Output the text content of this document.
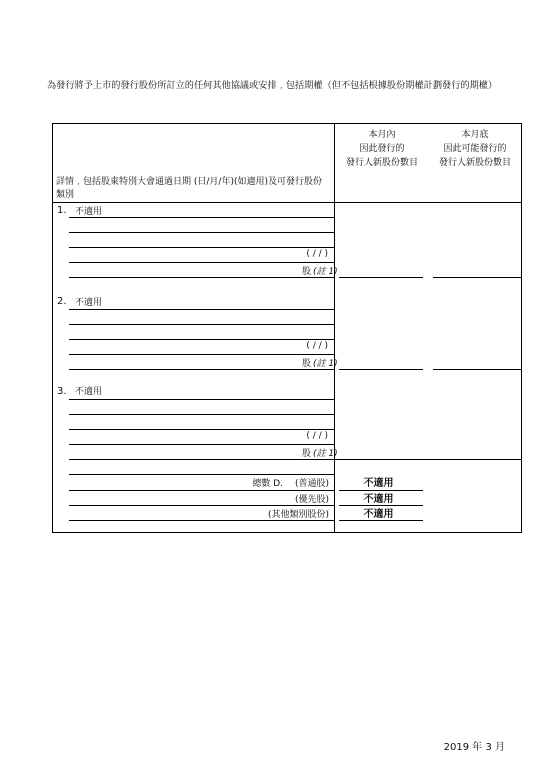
為發行將予上市的發行股份所訂立的任何其他協議或安排﹐包括期權（但不包括根據股份期權計劃發行的期權）
詳情﹐包括股東特別大會通過日期 (日/月/年)(如適用)及可發行股份類別
本月內
因此發行的
發行人新股份數目
本月底
因此可能發行的
發行人新股份數目
1. 不適用
( / / )
股 (註 1)
2. 不適用
( / / )
股 (註 1)
3. 不適用
( / / )
股 (註 1)
總數 D.	(普通股)	不適用
(優先股)	不適用
(其他類別股份)	不適用
2019 年 3 月
